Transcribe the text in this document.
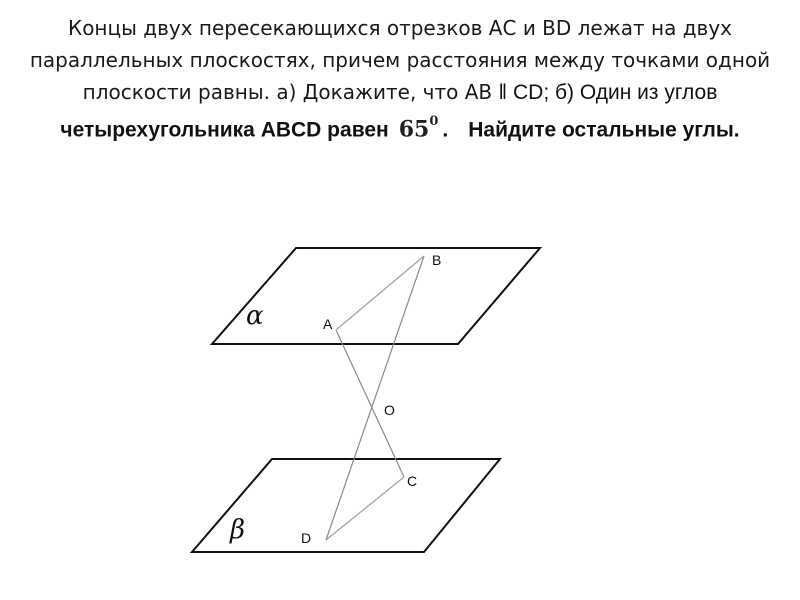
Концы двух пересекающихся отрезков АС и BD лежат на двух
параллельных плоскостях, причем расстояния между точками одной
плоскости равны. а) Докажите, что АВ ǁ CD; б) Один из углов
четырехугольника ABCD равен $65^0$ . Найдите остальные углы.
α
β
B
A
O
C
D
